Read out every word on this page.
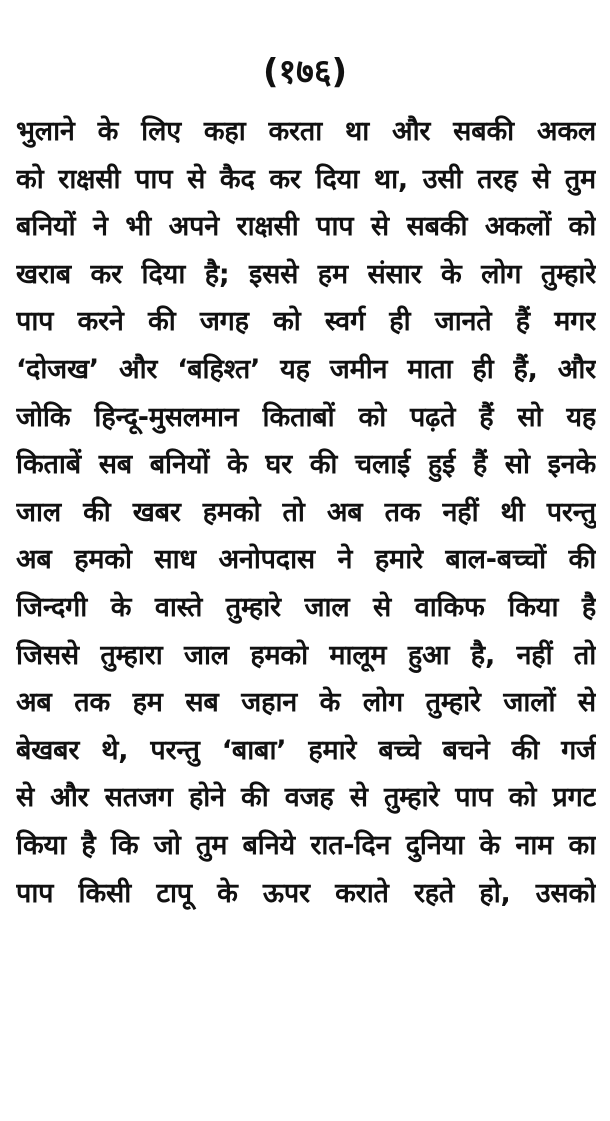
(१७६)
भुलाने के लिए कहा करता था और सबकी अकल
को राक्षसी पाप से कैद कर दिया था, उसी तरह से तुम
बनियों ने भी अपने राक्षसी पाप से सबकी अकलों को
खराब कर दिया है; इससे हम संसार के लोग तुम्हारे
पाप करने की जगह को स्वर्ग ही जानते हैं मगर
‘दोजख’ और ‘बहिश्त’ यह जमीन माता ही हैं, और
जोकि हिन्दू-मुसलमान किताबों को पढ़ते हैं सो यह
किताबें सब बनियों के घर की चलाई हुई हैं सो इनके
जाल की खबर हमको तो अब तक नहीं थी परन्तु
अब हमको साध अनोपदास ने हमारे बाल-बच्चों की
जिन्दगी के वास्ते तुम्हारे जाल से वाकिफ किया है
जिससे तुम्हारा जाल हमको मालूम हुआ है, नहीं तो
अब तक हम सब जहान के लोग तुम्हारे जालों से
बेखबर थे, परन्तु ‘बाबा’ हमारे बच्चे बचने की गर्ज
से और सतजग होने की वजह से तुम्हारे पाप को प्रगट
किया है कि जो तुम बनिये रात-दिन दुनिया के नाम का
पाप किसी टापू के ऊपर कराते रहते हो, उसको
